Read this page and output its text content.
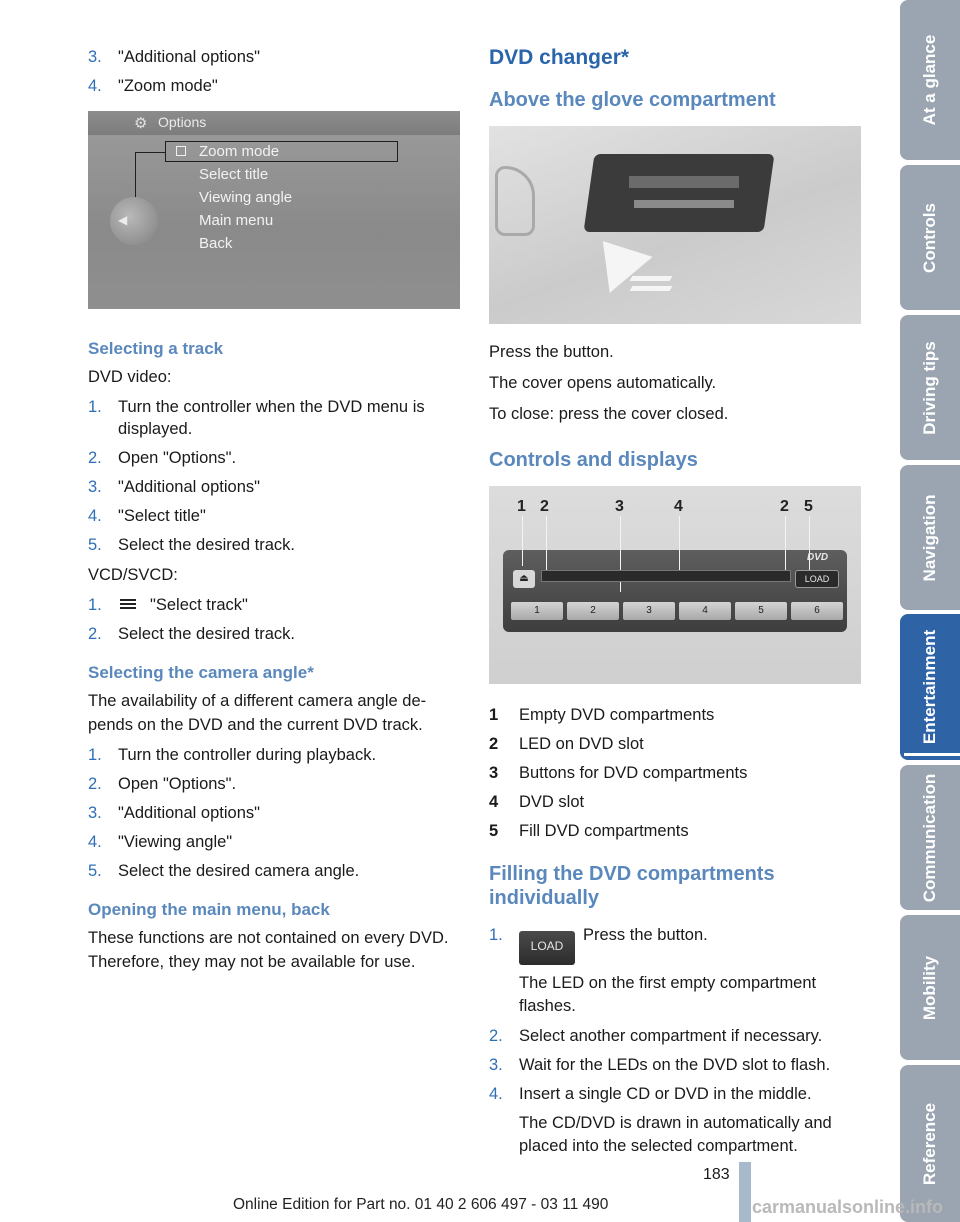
3. "Additional options"
4. "Zoom mode"
⚙ Options
Zoom mode
Select title
Viewing angle
Main menu
Back
◀
Selecting a track
DVD video:
1. Turn the controller when the DVD menu is displayed.
2. Open "Options".
3. "Additional options"
4. "Select title"
5. Select the desired track.
VCD/SVCD:
1.	"Select track"
2. Select the desired track.
Selecting the camera angle*
The availability of a different camera angle depends on the DVD and the current DVD track.
1. Turn the controller during playback.
2. Open "Options".
3. "Additional options"
4. "Viewing angle"
5. Select the desired camera angle.
Opening the main menu, back
These functions are not contained on every DVD. Therefore, they may not be available for use.
DVD changer*
Above the glove compartment
Press the button.
The cover opens automatically.
To close: press the cover closed.
Controls and displays
1 2	3	4	2 5
⏏
DVD
LOAD
1	2	3	4	5	6
1	Empty DVD compartments
2	LED on DVD slot
3	Buttons for DVD compartments
4	DVD slot
5	Fill DVD compartments
Filling the DVD compartments individually
1.
LOADPress the button.
The LED on the first empty compartment flashes.
2. Select another compartment if necessary.
3. Wait for the LEDs on the DVD slot to flash.
4. Insert a single CD or DVD in the middle.
The CD/DVD is drawn in automatically and placed into the selected compartment.
At a glance
Controls
Driving tips
Navigation
Entertainment
Communication
Mobility
Reference
183
Online Edition for Part no. 01 40 2 606 497 - 03 11 490	carmanualsonline.info
